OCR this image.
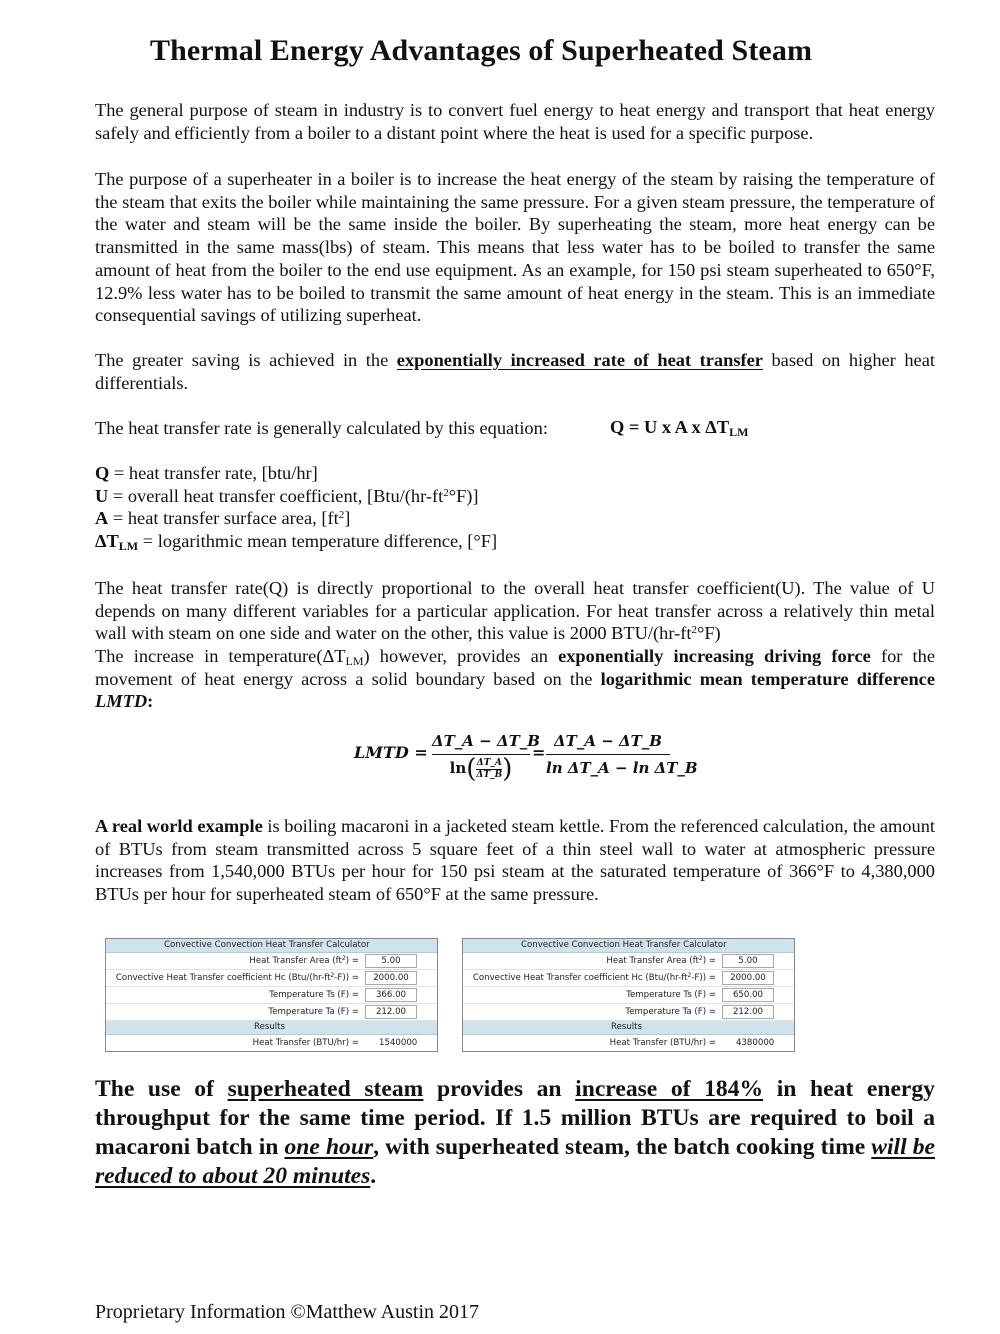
Thermal Energy Advantages of Superheated Steam

The general purpose of steam in industry is to convert fuel energy to heat energy and transport that heat energy safely and efficiently from a boiler to a distant point where the heat is used for a specific purpose.

The purpose of a superheater in a boiler is to increase the heat energy of the steam by raising the temperature of the steam that exits the boiler while maintaining the same pressure. For a given steam pressure, the temperature of the water and steam will be the same inside the boiler. By superheating the steam, more heat energy can be transmitted in the same mass(lbs) of steam. This means that less water has to be boiled to transfer the same amount of heat from the boiler to the end use equipment. As an example, for 150 psi steam superheated to 650°F, 12.9% less water has to be boiled to transmit the same amount of heat energy in the steam. This is an immediate consequential savings of utilizing superheat.

The greater saving is achieved in the exponentially increased rate of heat transfer based on higher heat differentials.

The heat transfer rate is generally calculated by this equation:	Q = U x A x $\Delta T_{LM}$
Q = heat transfer rate, [btu/hr]
U = overall heat transfer coefficient, $[Btu/(hr-ft^2^\circ F)]$
A = heat transfer surface area, $[ft^2]$
$\Delta T_{LM}$ = logarithmic mean temperature difference, [°F]

The heat transfer rate(Q) is directly proportional to the overall heat transfer coefficient(U). The value of U depends on many different variables for a particular application. For heat transfer across a relatively thin metal wall with steam on one side and water on the other, this value is 2000 BTU/$(hr-ft^2^\circ F)$

The increase in $temperature(\Delta T_{LM})$ however, provides an exponentially increasing driving force for the movement of heat energy across a solid boundary based on the logarithmic mean temperature difference LMTD:

LMTD =
ΔT_A − ΔT_B
$\ln( \frac{\Delta T\_A}{\Delta T\_B}$ )
=
ΔT_A − ΔT_B
ln ΔT_A − ln ΔT_B

A real world example is boiling macaroni in a jacketed steam kettle. From the referenced calculation, the amount of BTUs from steam transmitted across 5 square feet of a thin steel wall to water at atmospheric pressure increases from 1,540,000 BTUs per hour for 150 psi steam at the saturated temperature of 366°F to 4,380,000 BTUs per hour for superheated steam of 650°F at the same pressure.

Convective Convection Heat Transfer Calculator
Heat Transfer Area $(ft^2)$ =	5.00
Convective Heat Transfer coefficient Hc $(Btu/(hr-ft^2-F))$ =	2000.00
Temperature Ts (F) =	366.00
Temperature Ta (F) =	212.00
Results
Heat Transfer (BTU/hr) = 1540000
Convective Convection Heat Transfer Calculator
Heat Transfer Area $(ft^2)$ =	5.00
Convective Heat Transfer coefficient Hc $(Btu/(hr-ft^2-F))$ =	2000.00
Temperature Ts (F) =	650.00
Temperature Ta (F) =	212.00
Results
Heat Transfer (BTU/hr) = 4380000

The use of superheated steam provides an increase of 184% in heat energy throughput for the same time period. If 1.5 million BTUs are required to boil a macaroni batch in one hour, with superheated steam, the batch cooking time will be reduced to about 20 minutes.

Proprietary Information ©Matthew Austin 2017
